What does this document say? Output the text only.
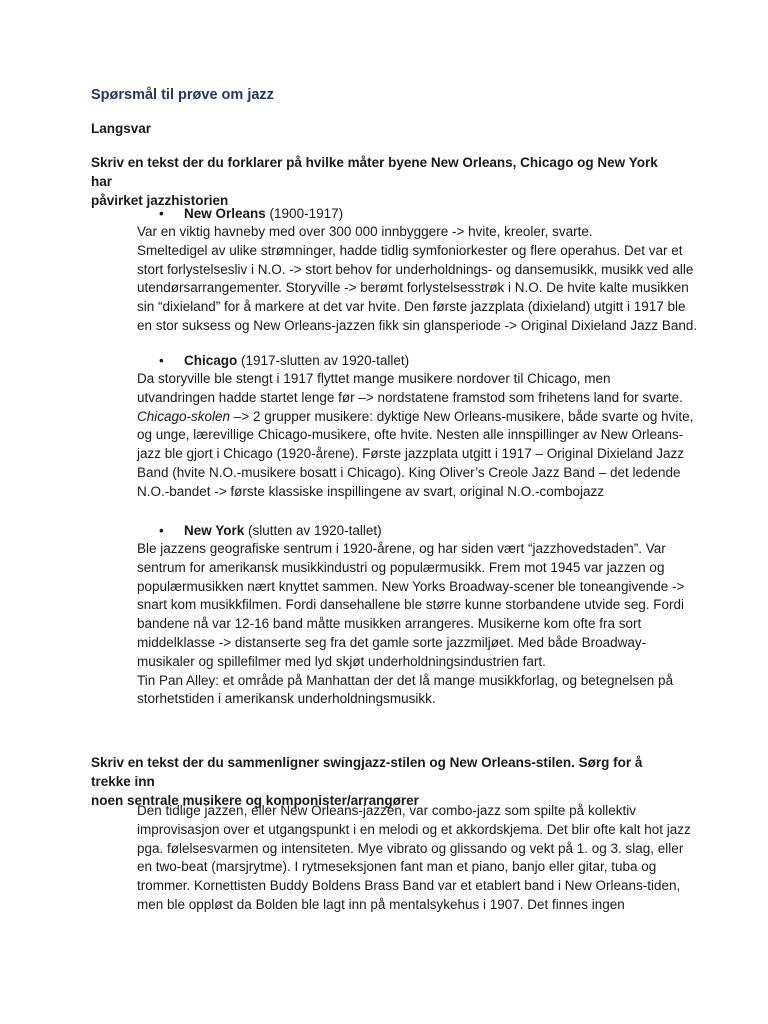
Spørsmål til prøve om jazz
Langsvar
Skriv en tekst der du forklarer på hvilke måter byene New Orleans, Chicago og New York har
påvirket jazzhistorien
• New Orleans (1900-1917)

Var en viktig havneby med over 300 000 innbyggere -> hvite, kreoler, svarte.
Smeltedigel av ulike strømninger, hadde tidlig symfoniorkester og flere operahus. Det var et
stort forlystelsesliv i N.O. -> stort behov for underholdnings- og dansemusikk, musikk ved alle
utendørsarrangementer. Storyville -> berømt forlystelsesstrøk i N.O. De hvite kalte musikken
sin “dixieland” for å markere at det var hvite. Den første jazzplata (dixieland) utgitt i 1917 ble
en stor suksess og New Orleans-jazzen fikk sin glansperiode -> Original Dixieland Jazz Band.

• Chicago (1917-slutten av 1920-tallet)

Da storyville ble stengt i 1917 flyttet mange musikere nordover til Chicago, men
utvandringen hadde startet lenge før –> nordstatene framstod som frihetens land for svarte.
Chicago-skolen –> 2 grupper musikere: dyktige New Orleans-musikere, både svarte og hvite,
og unge, lærevillige Chicago-musikere, ofte hvite. Nesten alle innspillinger av New Orleans-
jazz ble gjort i Chicago (1920-årene). Første jazzplata utgitt i 1917 – Original Dixieland Jazz
Band (hvite N.O.-musikere bosatt i Chicago). King Oliver’s Creole Jazz Band – det ledende
N.O.-bandet -> første klassiske inspillingene av svart, original N.O.-combojazz

• New York (slutten av 1920-tallet)

Ble jazzens geografiske sentrum i 1920-årene, og har siden vært “jazzhovedstaden”. Var
sentrum for amerikansk musikkindustri og populærmusikk. Frem mot 1945 var jazzen og
populærmusikken nært knyttet sammen. New Yorks Broadway-scener ble toneangivende ->
snart kom musikkfilmen. Fordi dansehallene ble større kunne storbandene utvide seg. Fordi
bandene nå var 12-16 band måtte musikken arrangeres. Musikerne kom ofte fra sort
middelklasse -> distanserte seg fra det gamle sorte jazzmiljøet. Med både Broadway-
musikaler og spillefilmer med lyd skjøt underholdningsindustrien fart.
Tin Pan Alley: et område på Manhattan der det lå mange musikkforlag, og betegnelsen på
storhetstiden i amerikansk underholdningsmusikk.

Skriv en tekst der du sammenligner swingjazz-stilen og New Orleans-stilen. Sørg for å trekke inn
noen sentrale musikere og komponister/arrangører

Den tidlige jazzen, eller New Orleans-jazzen, var combo-jazz som spilte på kollektiv
improvisasjon over et utgangspunkt i en melodi og et akkordskjema. Det blir ofte kalt hot jazz
pga. følelsesvarmen og intensiteten. Mye vibrato og glissando og vekt på 1. og 3. slag, eller
en two-beat (marsjrytme). I rytmeseksjonen fant man et piano, banjo eller gitar, tuba og
trommer. Kornettisten Buddy Boldens Brass Band var et etablert band i New Orleans-tiden,
men ble oppløst da Bolden ble lagt inn på mentalsykehus i 1907. Det finnes ingen
